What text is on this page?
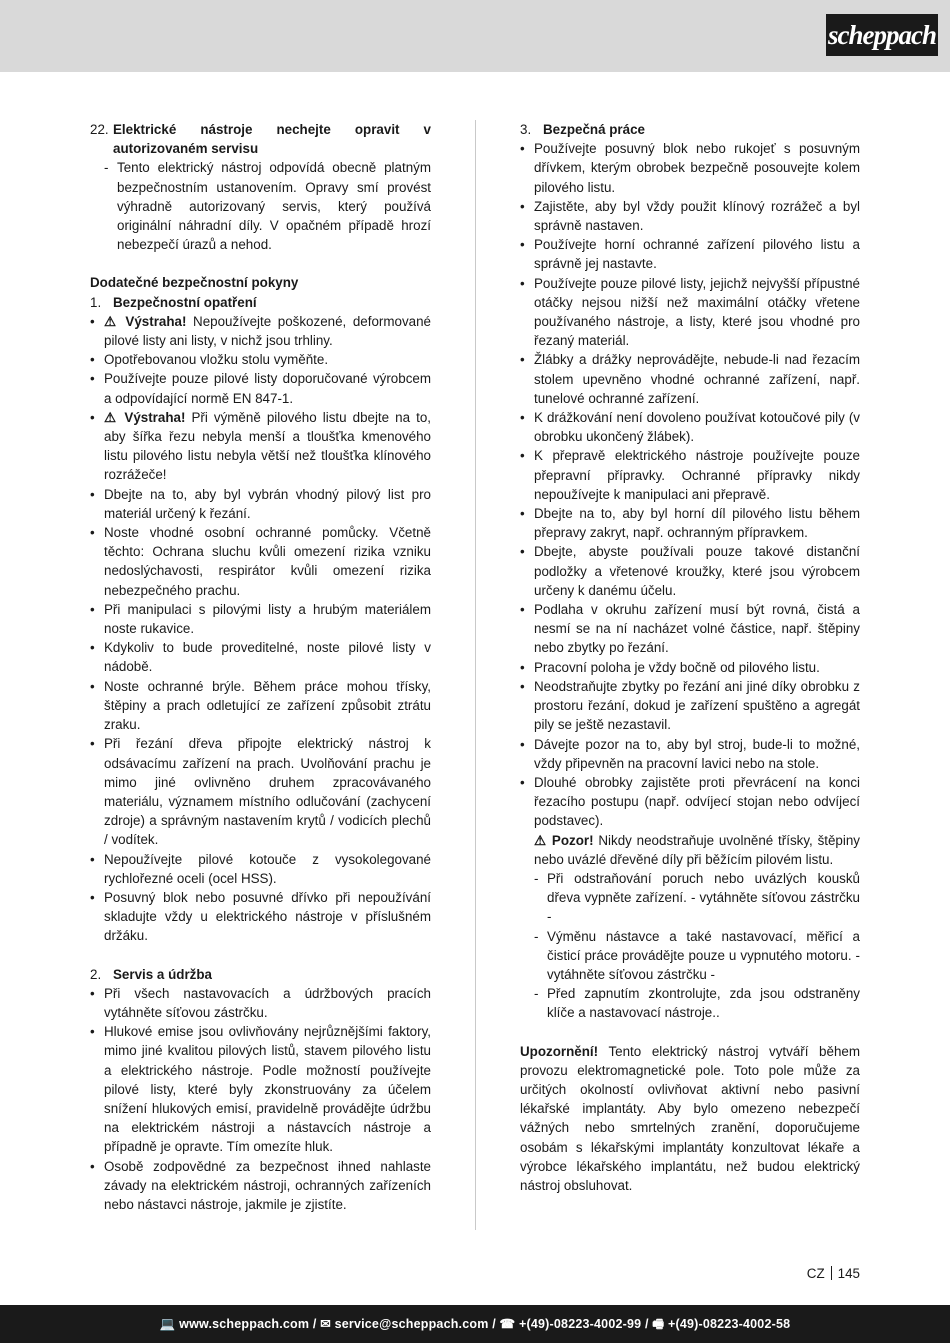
scheppach
22. Elektrické nástroje nechejte opravit v autorizovaném servisu
- Tento elektrický nástroj odpovídá obecně platným bezpečnostním ustanovením. Opravy smí provést výhradně autorizovaný servis, který používá originální náhradní díly. V opačném případě hrozí nebezpečí úrazů a nehod.
Dodatečné bezpečnostní pokyny
1. Bezpečnostní opatření
• ⚠ Výstraha! Nepoužívejte poškozené, deformované pilové listy ani listy, v nichž jsou trhliny.
• Opotřebovanou vložku stolu vyměňte.
• Používejte pouze pilové listy doporučované výrobcem a odpovídající normě EN 847-1.
• ⚠ Výstraha! Při výměně pilového listu dbejte na to, aby šířka řezu nebyla menší a tloušťka kmenového listu pilového listu nebyla větší než tloušťka klínového rozrážeče!
• Dbejte na to, aby byl vybrán vhodný pilový list pro materiál určený k řezání.
• Noste vhodné osobní ochranné pomůcky. Včetně těchto: Ochrana sluchu kvůli omezení rizika vzniku nedoslýchavosti, respirátor kvůli omezení rizika nebezpečného prachu.
• Při manipulaci s pilovými listy a hrubým materiálem noste rukavice.
• Kdykoliv to bude proveditelné, noste pilové listy v nádobě.
• Noste ochranné brýle. Během práce mohou třísky, štěpiny a prach odletující ze zařízení způsobit ztrátu zraku.
• Při řezání dřeva připojte elektrický nástroj k odsávacímu zařízení na prach. Uvolňování prachu je mimo jiné ovlivněno druhem zpracovávaného materiálu, významem místního odlučování (zachycení zdroje) a správným nastavením krytů / vodicích plechů / vodítek.
• Nepoužívejte pilové kotouče z vysokolegované rychlořezné oceli (ocel HSS).
• Posuvný blok nebo posuvné dřívko při nepoužívání skladujte vždy u elektrického nástroje v příslušném držáku.
2. Servis a údržba
• Při všech nastavovacích a údržbových pracích vytáhněte síťovou zástrčku.
• Hlukové emise jsou ovlivňovány nejrůznějšími faktory, mimo jiné kvalitou pilových listů, stavem pilového listu a elektrického nástroje. Podle možností používejte pilové listy, které byly zkonstruovány za účelem snížení hlukových emisí, pravidelně provádějte údržbu na elektrickém nástroji a nástavcích nástroje a případně je opravte. Tím omezíte hluk.
• Osobě zodpovědné za bezpečnost ihned nahlaste závady na elektrickém nástroji, ochranných zařízeních nebo nástavci nástroje, jakmile je zjistíte.
3. Bezpečná práce
• Používejte posuvný blok nebo rukojeť s posuvným dřívkem, kterým obrobek bezpečně posouvejte kolem pilového listu.
• Zajistěte, aby byl vždy použit klínový rozrážeč a byl správně nastaven.
• Používejte horní ochranné zařízení pilového listu a správně jej nastavte.
• Používejte pouze pilové listy, jejichž nejvyšší přípustné otáčky nejsou nižší než maximální otáčky vřetene používaného nástroje, a listy, které jsou vhodné pro řezaný materiál.
• Žlábky a drážky neprovádějte, nebude-li nad řezacím stolem upevněno vhodné ochranné zařízení, např. tunelové ochranné zařízení.
• K drážkování není dovoleno používat kotoučové pily (v obrobku ukončený žlábek).
• K přepravě elektrického nástroje používejte pouze přepravní přípravky. Ochranné přípravky nikdy nepoužívejte k manipulaci ani přepravě.
• Dbejte na to, aby byl horní díl pilového listu během přepravy zakryt, např. ochranným přípravkem.
• Dbejte, abyste používali pouze takové distanční podložky a vřetenové kroužky, které jsou výrobcem určeny k danému účelu.
• Podlaha v okruhu zařízení musí být rovná, čistá a nesmí se na ní nacházet volné částice, např. štěpiny nebo zbytky po řezání.
• Pracovní poloha je vždy bočně od pilového listu.
• Neodstraňujte zbytky po řezání ani jiné díky obrobku z prostoru řezání, dokud je zařízení spuštěno a agregát pily se ještě nezastavil.
• Dávejte pozor na to, aby byl stroj, bude-li to možné, vždy připevněn na pracovní lavici nebo na stole.
• Dlouhé obrobky zajistěte proti převrácení na konci řezacího postupu (např. odvíjecí stojan nebo odvíjecí podstavec).
⚠ Pozor! Nikdy neodstraňuje uvolněné třísky, štěpiny nebo uvázlé dřevěné díly při běžícím pilovém listu.
- Při odstraňování poruch nebo uvázlých kousků dřeva vypněte zařízení. - vytáhněte síťovou zástrčku -
- Výměnu nástavce a také nastavovací, měřicí a čisticí práce provádějte pouze u vypnutého motoru. - vytáhněte síťovou zástrčku -
- Před zapnutím zkontrolujte, zda jsou odstraněny klíče a nastavovací nástroje..
Upozornění! Tento elektrický nástroj vytváří během provozu elektromagnetické pole. Toto pole může za určitých okolností ovlivňovat aktivní nebo pasivní lékařské implantáty. Aby bylo omezeno nebezpečí vážných nebo smrtelných zranění, doporučujeme osobám s lékařskými implantáty konzultovat lékaře a výrobce lékařského implantátu, než budou elektrický nástroj obsluhovat.
CZ 145
💻 www.scheppach.com / ✉ service@scheppach.com / ☎ +(49)-08223-4002-99 / 🖷 +(49)-08223-4002-58
